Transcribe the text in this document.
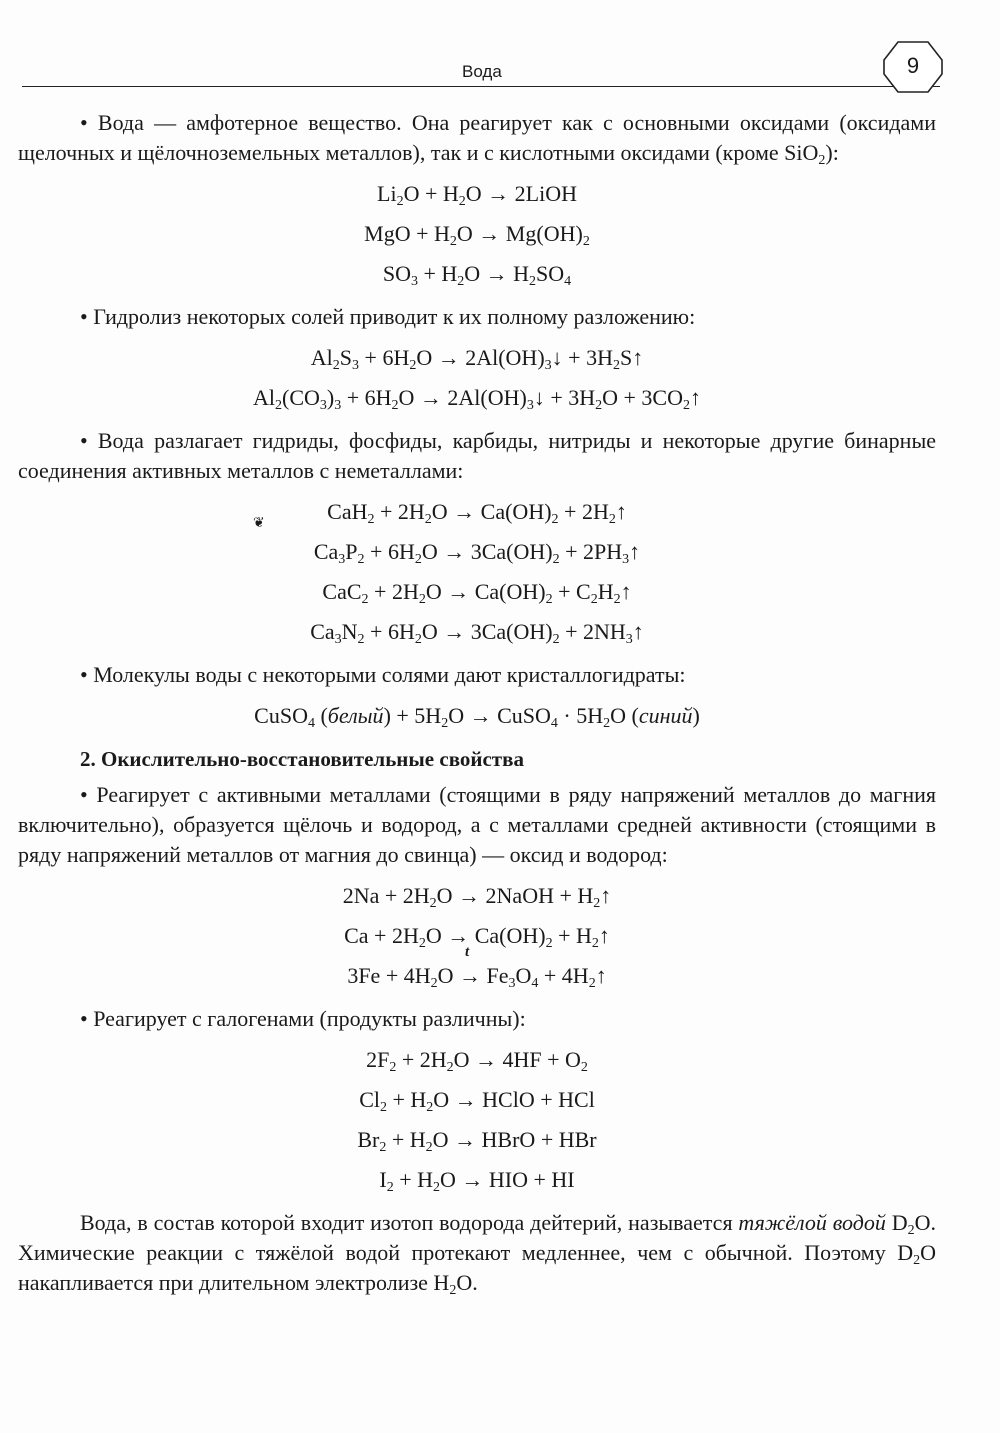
Вода	9
❦

• Вода — амфотерное вещество. Она реагирует как с основными оксидами (оксидами щелочных и щёлочноземельных металлов), так и с кислотными оксидами (кроме SiO$_2$):

$Li_2O + H_2O$ → 2LiOH
MgO + $H_2O \to Mg(OH)_2$
$SO_3 + H_2O \to H_2SO_4$

• Гидролиз некоторых солей приводит к их полному разложению:

$Al_2S_3 + 6H_2O$ → $2Al(OH)_3↓$ + $3H_2S↑$
$Al_2(CO_3)_3 + 6H_2O$ → $2Al(OH)_3↓ + 3H_2O$ + $3CO_2↑$

• Вода разлагает гидриды, фосфиды, карбиды, нитриды и некоторые другие бинарные соединения активных металлов с неметаллами:

$CaH_2 + 2H_2O \to Ca(OH)_2$ + $2H_2↑$
$Ca_3P_2 + 6H_2O \to 3Ca(OH)_2$ + $2PH_3↑$
$CaC_2 + 2H_2O \to Ca(OH)_2$ + $C_2H_2↑$
$Ca_3N_2 + 6H_2O \to 3Ca(OH)_2$ + $2NH_3↑$

• Молекулы воды с некоторыми солями дают кристаллогидраты:

CuSO$_4$ (белый) + $5H_2O$ → CuSO$_4$ · $5H_2O$ (синий)
2. Окислительно-восстановительные свойства

• Реагирует с активными металлами (стоящими в ряду напряжений металлов до магния включительно), образуется щёлочь и водород, а с металлами средней активности (стоящими в ряду напряжений металлов от магния до свинца) — оксид и водород:

$2Na + 2H_2O$ → 2NaOH + $H_2↑$
$Ca + 2H_2O \to Ca(OH)_2$ + $H_2↑$
$3Fe + 4H_2O$
t
→ $Fe_3O_4$ + $4H_2↑$

• Реагирует с галогенами (продукты различны):

$2F_2 + 2H_2O \to 4HF + O_2$
$Cl_2 + H_2O$ → HClO + HCl
$Br_2 + H_2O$ → HBrO + HBr
$I_2 + H_2O$ → HIO + HI

Вода, в состав которой входит изотоп водорода дейтерий, называется тяжёлой водой $D_2O$. Химические реакции с тяжёлой водой протекают медленнее, чем с обычной. Поэтому $D_2O$ накапливается при длительном электролизе $H_2O$.
